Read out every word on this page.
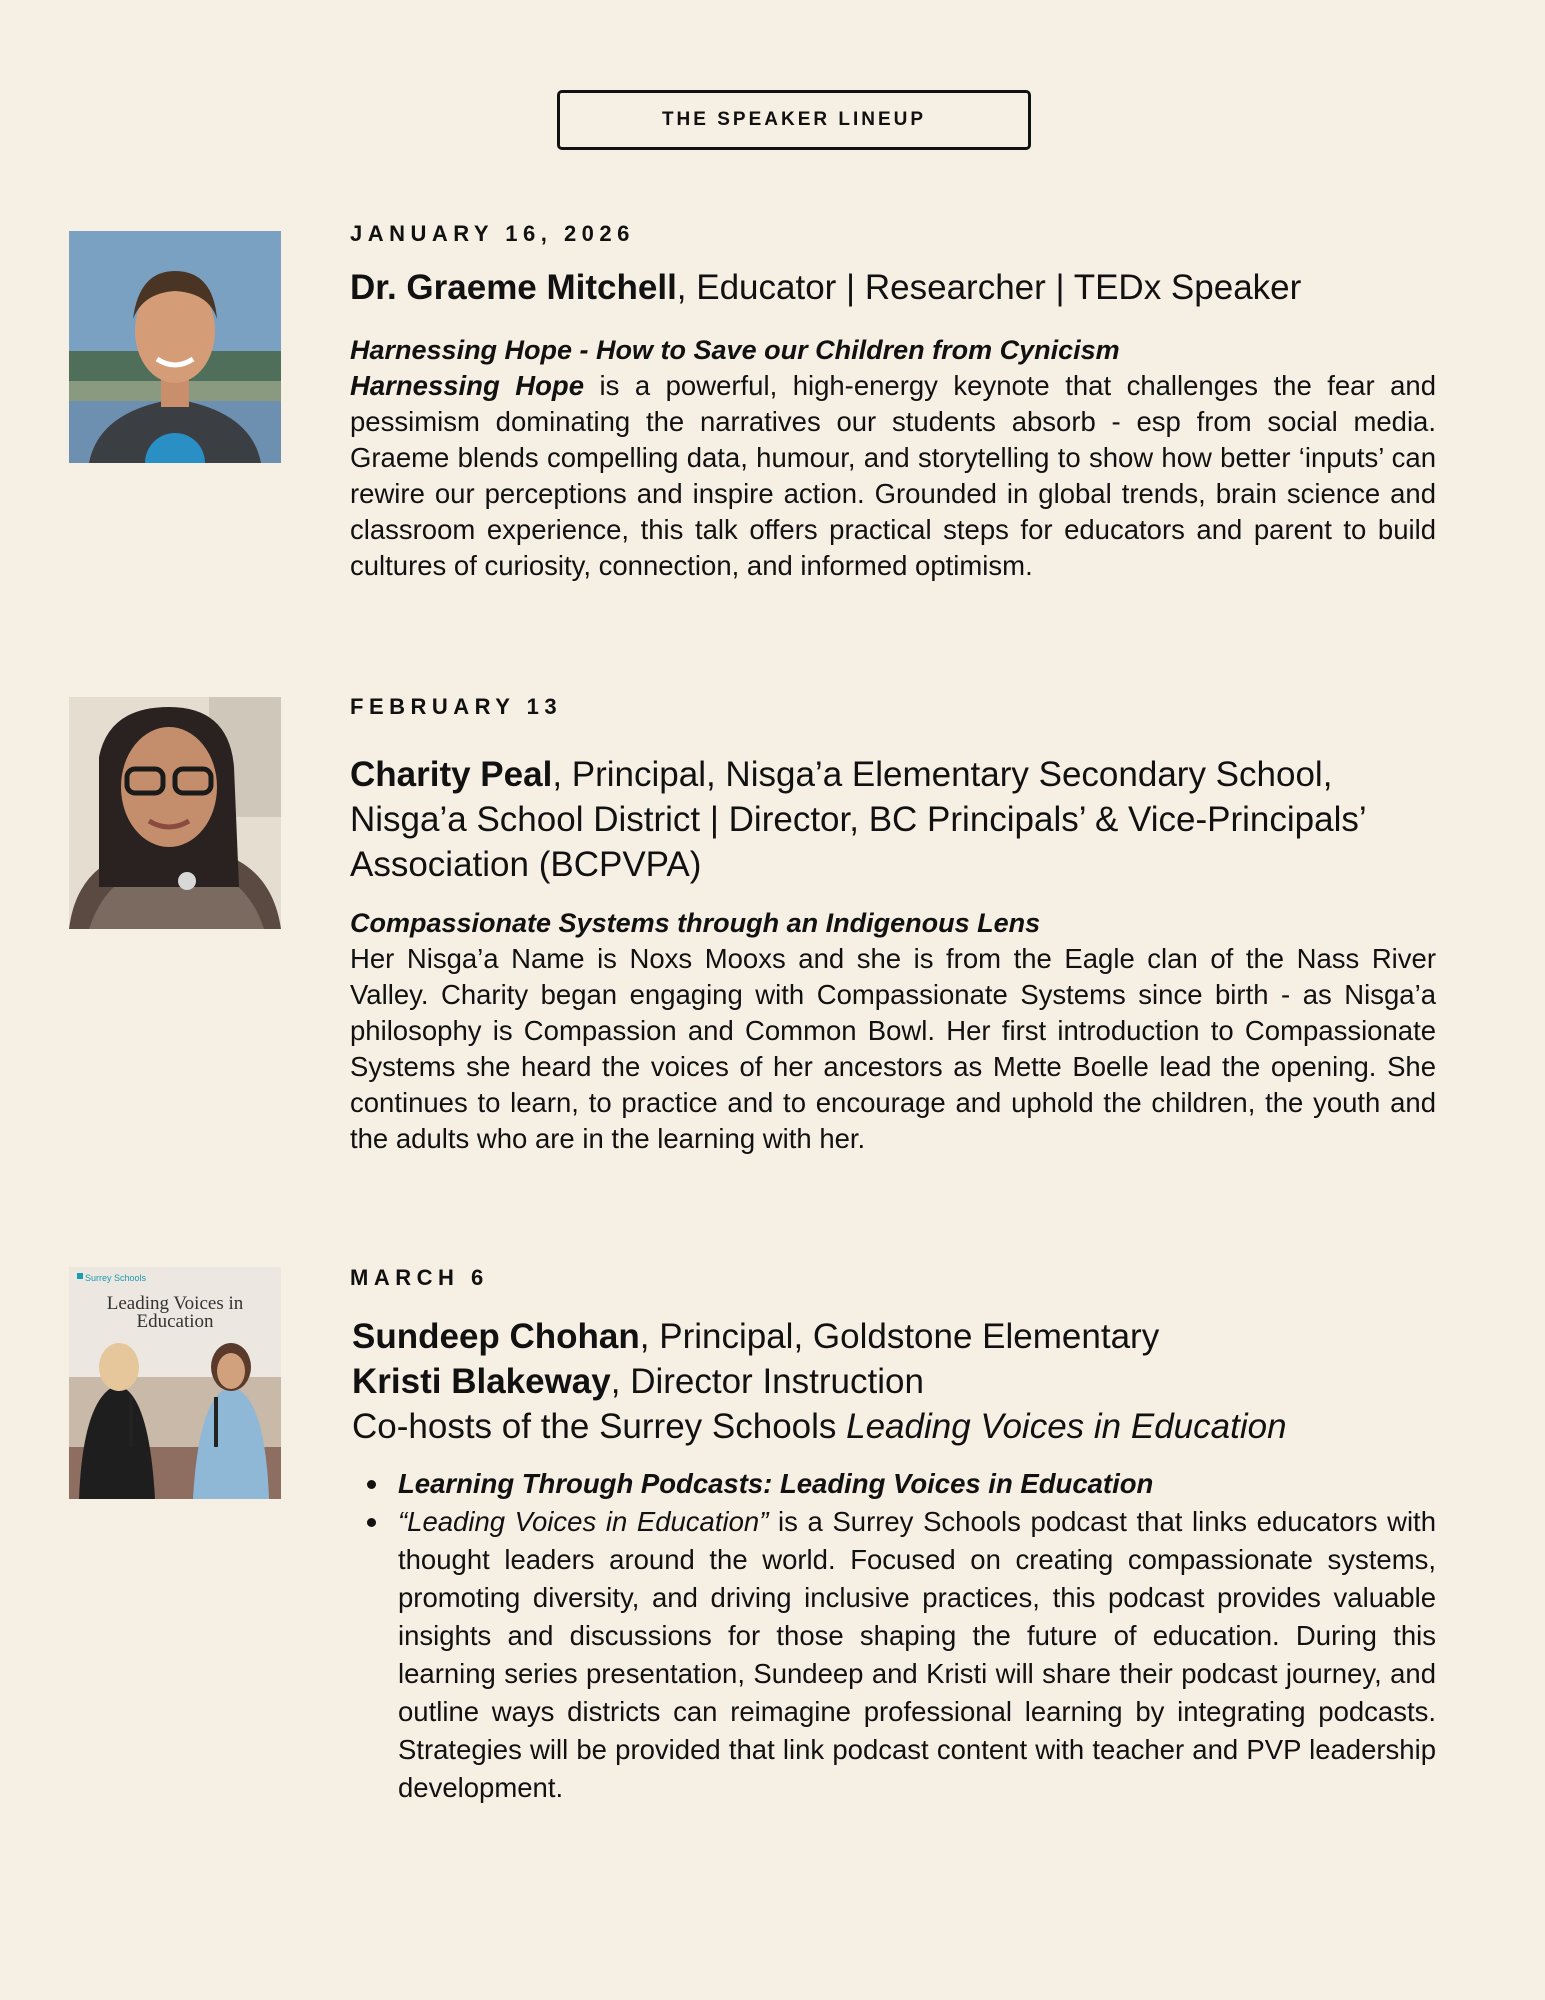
THE SPEAKER LINEUP

JANUARY 16, 2026

Dr. Graeme Mitchell, Educator | Researcher | TEDx Speaker

Harnessing Hope - How to Save our Children from Cynicism

Harnessing Hope is a powerful, high-energy keynote that challenges the fear and pessimism dominating the narratives our students absorb - esp from social media. Graeme blends compelling data, humour, and storytelling to show how better ‘inputs’ can rewire our perceptions and inspire action. Grounded in global trends, brain science and classroom experience, this talk offers practical steps for educators and parent to build cultures of curiosity, connection, and informed optimism.

FEBRUARY 13

Charity Peal, Principal, Nisga’a Elementary Secondary School, Nisga’a School District | Director, BC Principals’ & Vice-Principals’ Association (BCPVPA)

Compassionate Systems through an Indigenous Lens

Her Nisga’a Name is Noxs Mooxs and she is from the Eagle clan of the Nass River Valley. Charity began engaging with Compassionate Systems since birth - as Nisga’a philosophy is Compassion and Common Bowl. Her first introduction to Compassionate Systems she heard the voices of her ancestors as Mette Boelle lead the opening. She continues to learn, to practice and to encourage and uphold the children, the youth and the adults who are in the learning with her.

Surrey Schools
Leading Voices in
Education

MARCH 6

Sundeep Chohan, Principal, Goldstone Elementary

Kristi Blakeway, Director Instruction

Co-hosts of the Surrey Schools Leading Voices in Education

Learning Through Podcasts: Leading Voices in Education
“Leading Voices in Education” is a Surrey Schools podcast that links educators with thought leaders around the world. Focused on creating compassionate systems, promoting diversity, and driving inclusive practices, this podcast provides valuable insights and discussions for those shaping the future of education. During this learning series presentation, Sundeep and Kristi will share their podcast journey, and outline ways districts can reimagine professional learning by integrating podcasts. Strategies will be provided that link podcast content with teacher and PVP leadership development.
